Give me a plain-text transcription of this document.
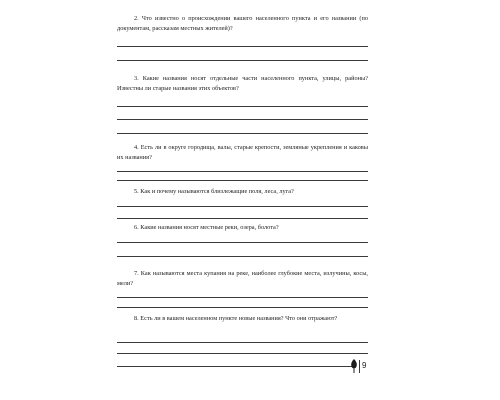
2. Что известно о происхождении вашего населенного пункта и его названии (по документам, рассказам местных жителей)?

3. Какие названия носят отдельные части населенного пункта, улицы, районы? Известны ли старые названия этих объектов?

4. Есть ли в округе городища, валы, старые крепости, земляные укрепления и каковы их названия?

5. Как и почему называются близлежащие поля, леса, луга?

6. Какие названия носят местные реки, озера, болота?

7. Как называются места купания на реке, наиболее глубокие места, излучины, косы, мели?

8. Есть ли в вашем населенном пункте новые названия? Что они отражают?

9
